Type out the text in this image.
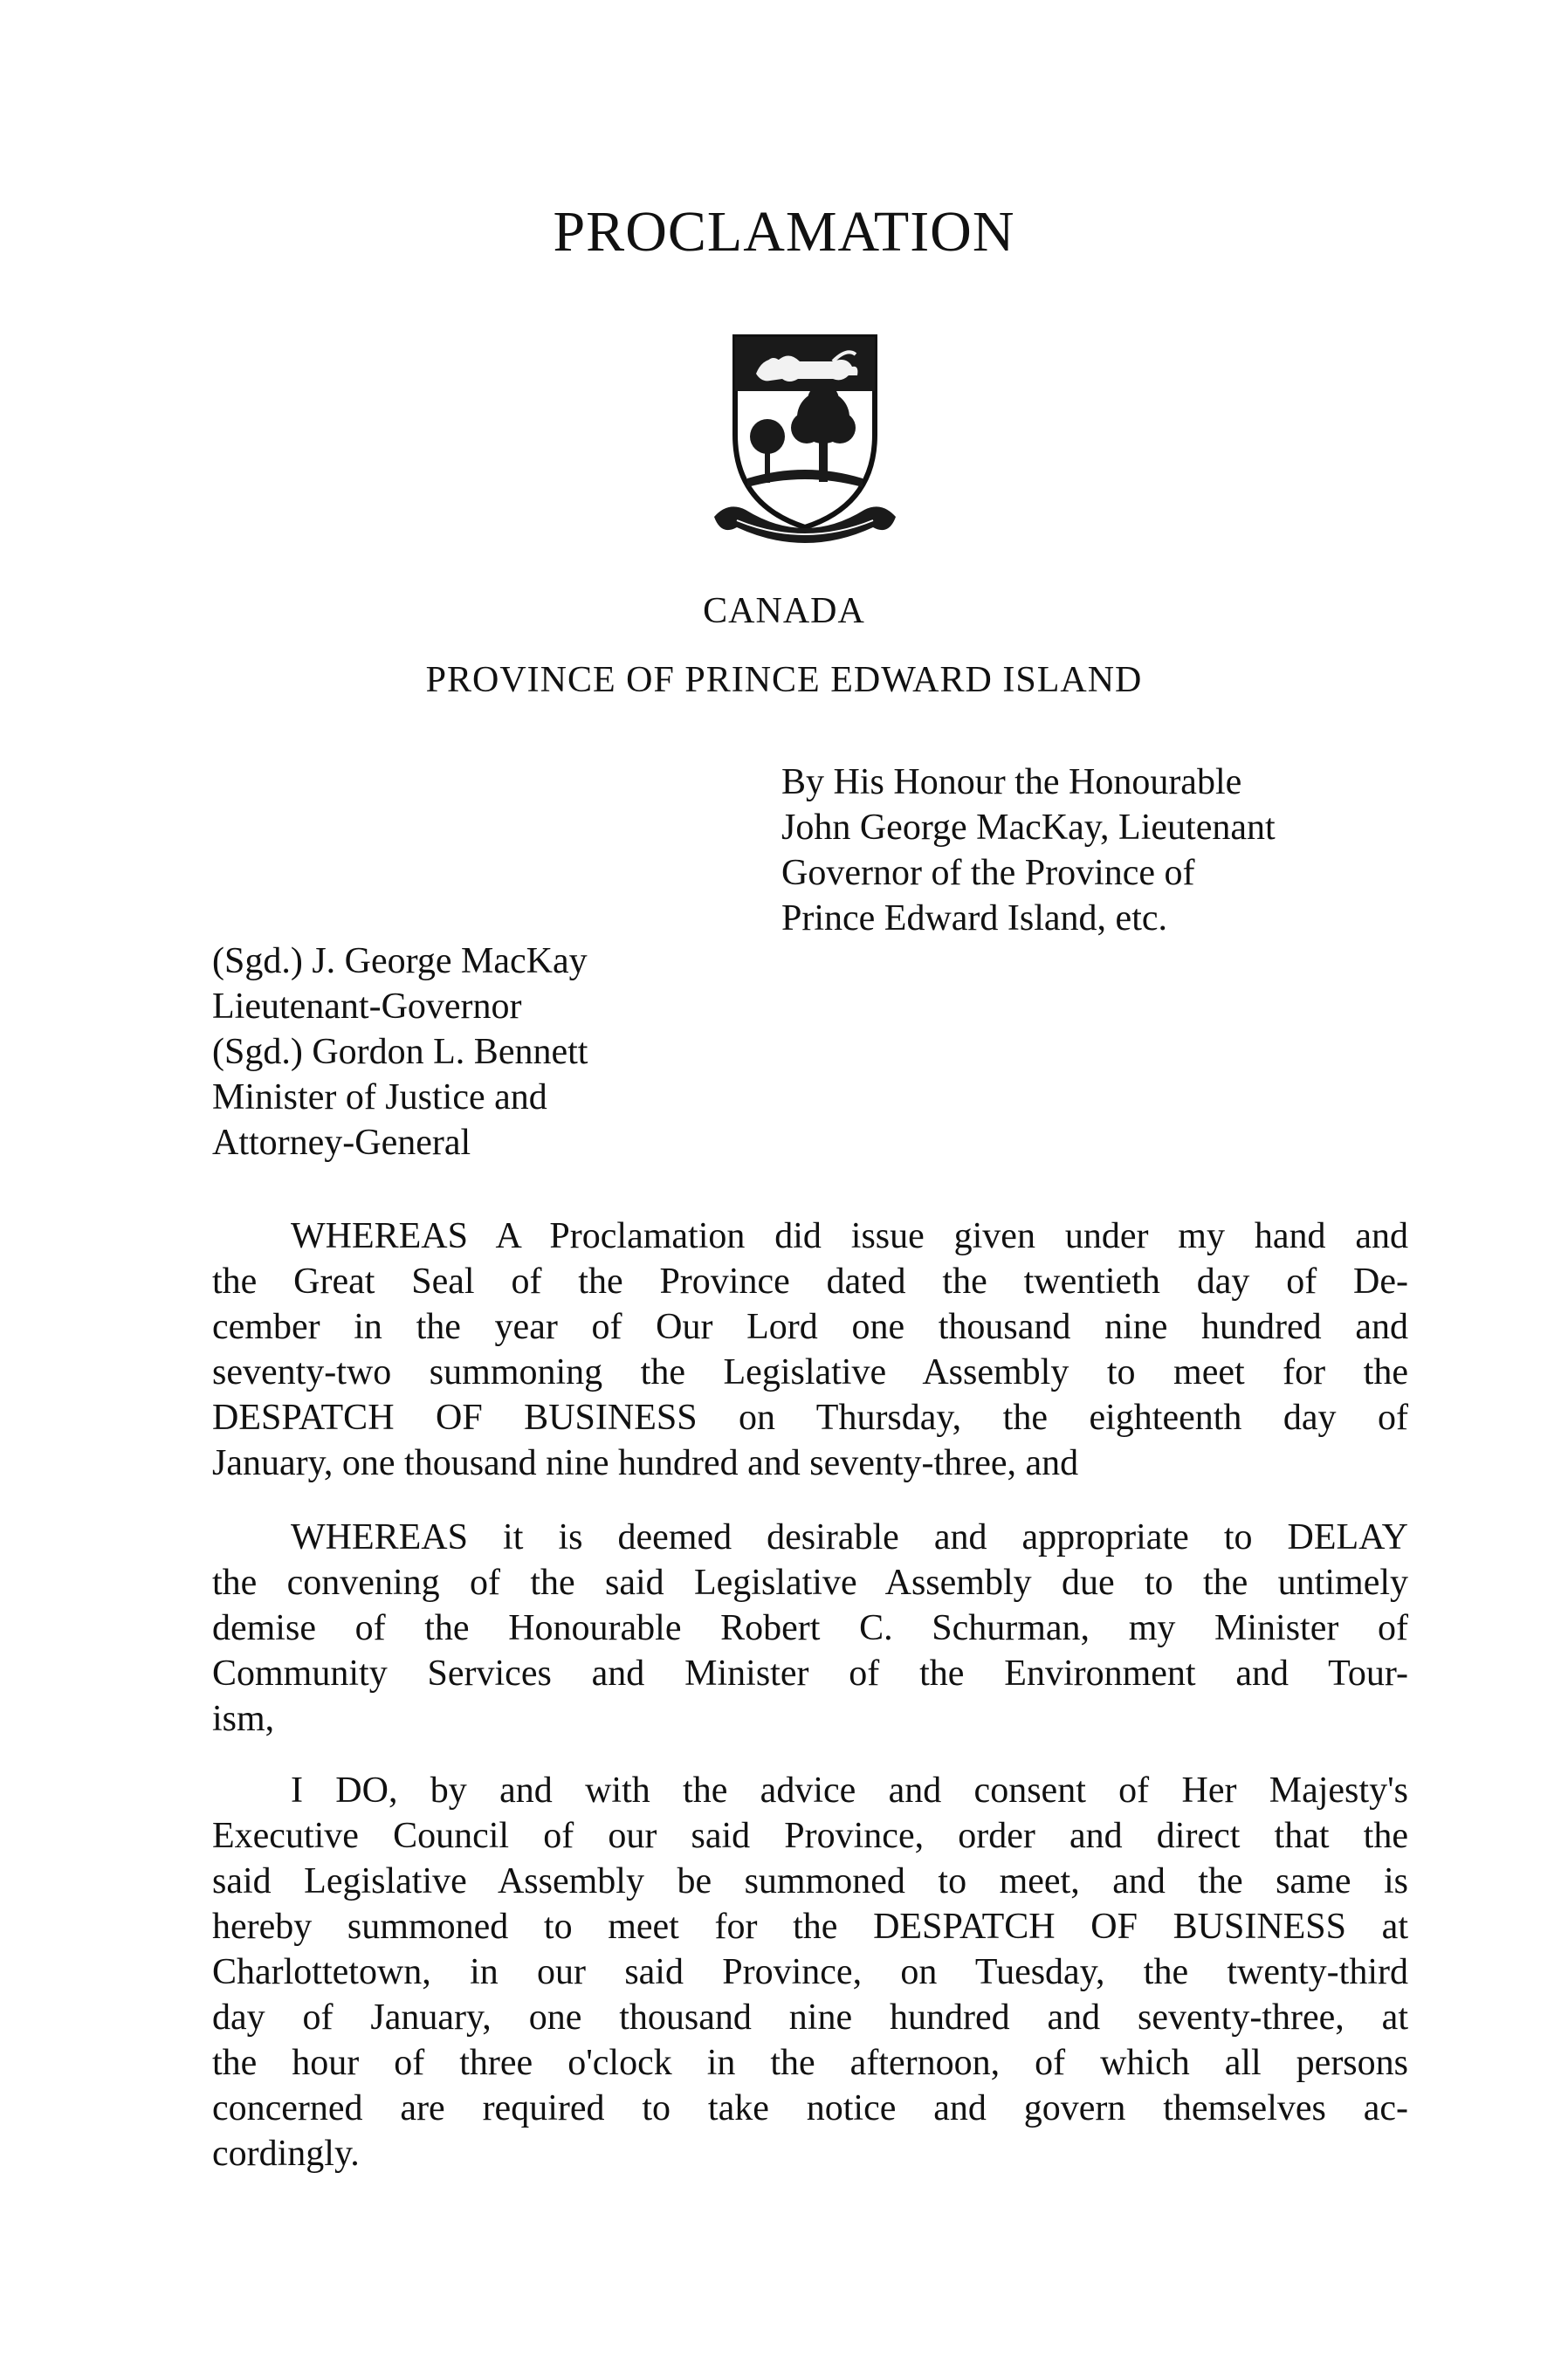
PROCLAMATION
CANADA
PROVINCE OF PRINCE EDWARD ISLAND
By His Honour the Honourable
John George MacKay, Lieutenant
Governor of the Province of
Prince Edward Island, etc.
(Sgd.) J. George MacKay
Lieutenant-Governor
(Sgd.) Gordon L. Bennett
Minister of Justice and
Attorney-General
WHEREAS A Proclamation did issue given under my hand and
the Great Seal of the Province dated the twentieth day of De-
cember in the year of Our Lord one thousand nine hundred and
seventy-two summoning the Legislative Assembly to meet for the
DESPATCH OF BUSINESS on Thursday, the eighteenth day of
January, one thousand nine hundred and seventy-three, and
WHEREAS it is deemed desirable and appropriate to DELAY
the convening of the said Legislative Assembly due to the untimely
demise of the Honourable Robert C. Schurman, my Minister of
Community Services and Minister of the Environment and Tour-
ism,
I DO, by and with the advice and consent of Her Majesty's
Executive Council of our said Province, order and direct that the
said Legislative Assembly be summoned to meet, and the same is
hereby summoned to meet for the DESPATCH OF BUSINESS at
Charlottetown, in our said Province, on Tuesday, the twenty-third
day of January, one thousand nine hundred and seventy-three, at
the hour of three o'clock in the afternoon, of which all persons
concerned are required to take notice and govern themselves ac-
cordingly.
